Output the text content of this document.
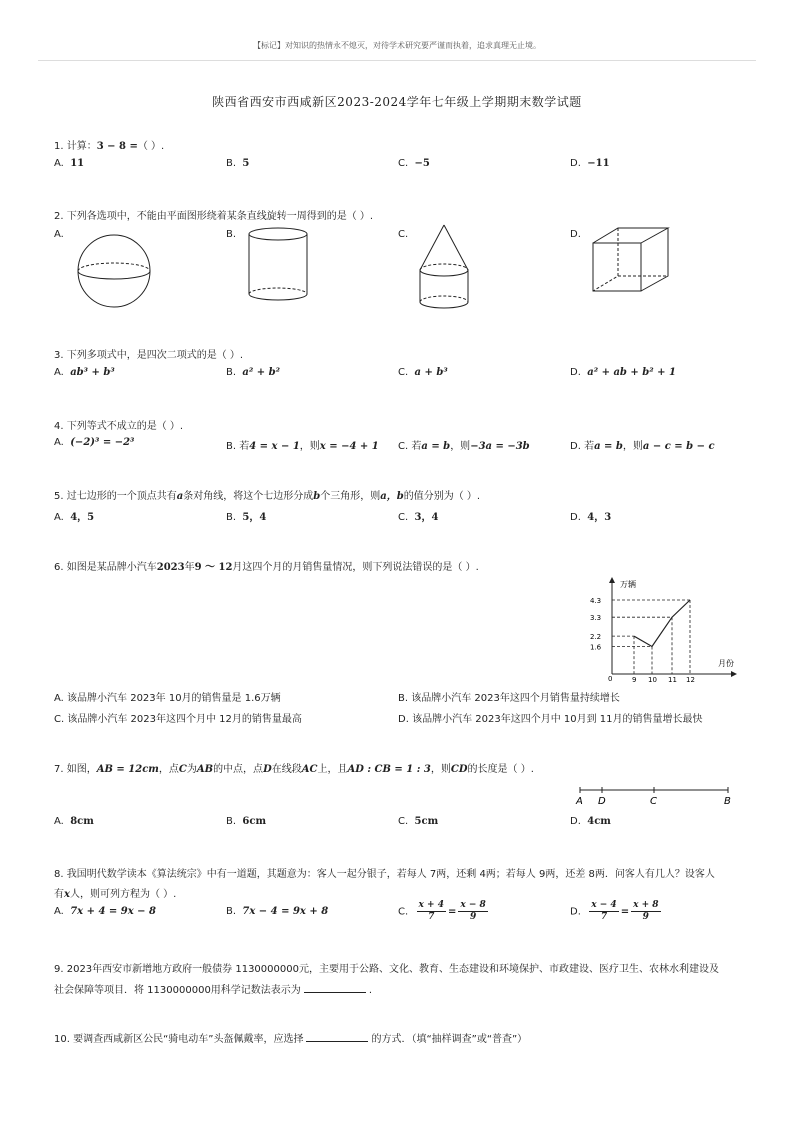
【标记】对知识的热情永不熄灭，对待学术研究要严谨而执着，追求真理无止境。
陕西省西安市西咸新区2023-2024学年七年级上学期期末数学试题
1. 计算：3 − 8 =（ ）.
A. 11	B. 5	C. −5	D. −11
2. 下列各选项中，不能由平面图形绕着某条直线旋转一周得到的是（ ）.
A.	B.	C.	D.
3. 下列多项式中，是四次二项式的是（ ）.
A. ab³ + b³	B. a² + b²	C. a + b³	D. a² + ab + b² + 1
4. 下列等式不成立的是（ ）.
A. (−2)³ = −2³	B. 若4 = x − 1，则x = −4 + 1 C. 若a = b，则−3a = −3b	D. 若a = b，则a − c = b − c
5. 过七边形的一个顶点共有a条对角线，将这个七边形分成b个三角形，则a，b的值分别为（ ）.
A. 4，5	B. 5，4	C. 3，4	D. 4，3
6. 如图是某品牌小汽车2023年9 ～ 12月这四个月的月销售量情况，则下列说法错误的是（ ）.
万辆
月份
0
1.6
2.2
3.3
4.3
9 10 11 12
A. 该品牌小汽车 2023年 10月的销售量是 1.6万辆	B. 该品牌小汽车 2023年这四个月销售量持续增长
C. 该品牌小汽车 2023年这四个月中 12月的销售量最高	D. 该品牌小汽车 2023年这四个月中 10月到 11月的销售量增长最快
7. 如图，AB = 12cm，点C为AB的中点，点D在线段AC上，且AD : CB = 1 : 3，则CD的长度是（ ）.
A D	C	B
A. 8cm	B. 6cm	C. 5cm	D. 4cm
8. 我国明代数学读本《算法统宗》中有一道题，其题意为：客人一起分银子，若每人 7两，还剩 4两；若每人 9两，还差 8两．问客人有几人？设客人
有x人，则可列方程为（ ）.
A. 7x + 4 = 9x − 8	B. 7x − 4 = 9x + 8	C. $\frac{x + 4}{7} = \frac{x - 8}{9}$	D. $\frac{x - 4}{7} = \frac{x + 8}{9}$
9. 2023年西安市新增地方政府一般债券 1130000000元，主要用于公路、文化、教育、生态建设和环境保护、市政建设、医疗卫生、农林水利建设及
社会保障等项目．将 1130000000用科学记数法表示为	.
10. 要调查西咸新区公民“骑电动车”头盔佩戴率，应选择	的方式．（填“抽样调查”或“普查”）
